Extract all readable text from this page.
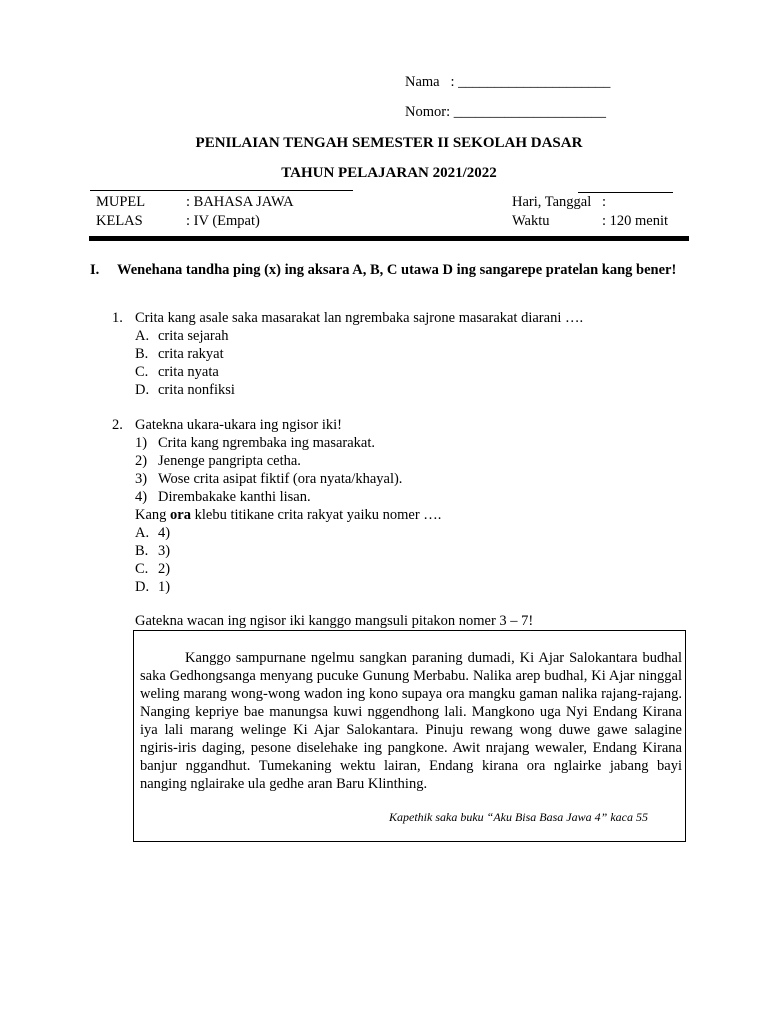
Nama : _____________________
Nomor: _____________________
PENILAIAN TENGAH SEMESTER II SEKOLAH DASAR
TAHUN PELAJARAN 2021/2022
MUPEL	: BAHASA JAWA
KELAS	: IV (Empat)
Hari, Tanggal :
Waktu	: 120 menit
I. Wenehana tandha ping (x) ing aksara A, B, C utawa D ing sangarepe pratelan kang bener!
1. Crita kang asale saka masarakat lan ngrembaka sajrone masarakat diarani ….
A. crita sejarah
B. crita rakyat
C. crita nyata
D. crita nonfiksi
2. Gatekna ukara-ukara ing ngisor iki!
1) Crita kang ngrembaka ing masarakat.
2) Jenenge pangripta cetha.
3) Wose crita asipat fiktif (ora nyata/khayal).
4) Dirembakake kanthi lisan.
Kang ora klebu titikane crita rakyat yaiku nomer ….
A. 4)
B. 3)
C. 2)
D. 1)
Gatekna wacan ing ngisor iki kanggo mangsuli pitakon nomer 3 – 7!
Kanggo sampurnane ngelmu sangkan paraning dumadi, Ki Ajar Salokantara budhal saka Gedhongsanga menyang pucuke Gunung Merbabu. Nalika arep budhal, Ki Ajar ninggal weling marang wong-wong wadon ing kono supaya ora mangku gaman nalika rajang-rajang. Nanging kepriye bae manungsa kuwi nggendhong lali. Mangkono uga Nyi Endang Kirana iya lali marang welinge Ki Ajar Salokantara. Pinuju rewang wong duwe gawe salagine ngiris-iris daging, pesone diselehake ing pangkone. Awit nrajang wewaler, Endang Kirana banjur nggandhut. Tumekaning wektu lairan, Endang kirana ora nglairke jabang bayi nanging nglairake ula gedhe aran Baru Klinthing.
Kapethik saka buku “Aku Bisa Basa Jawa 4” kaca 55
